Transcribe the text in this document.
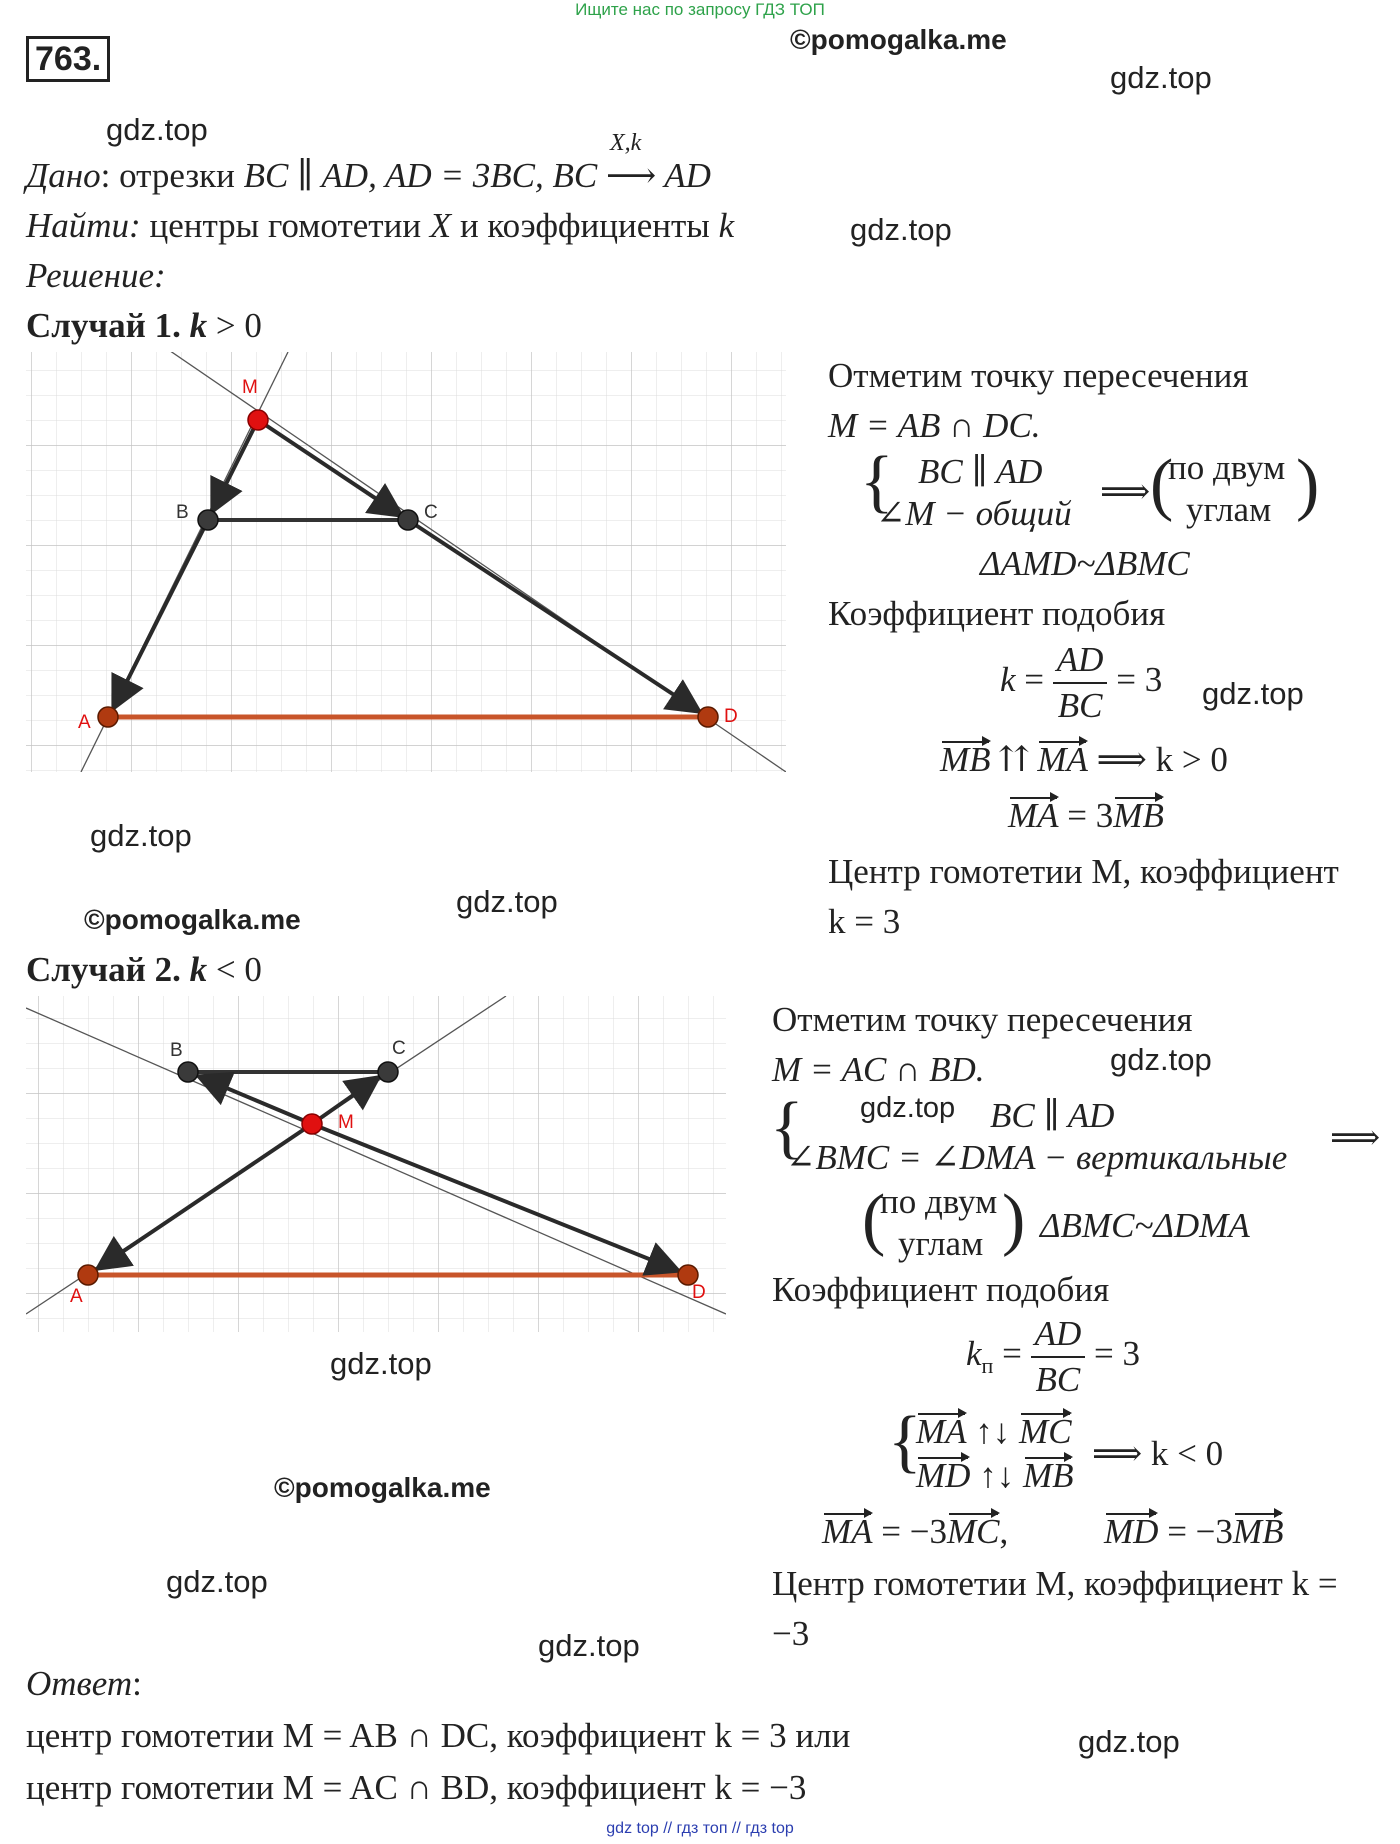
Ищите нас по запросу ГДЗ ТОП
763.
©pomogalka.me
gdz.top
gdz.top
gdz.top
Дано: отрезки BC ∥ AD, AD = 3BC, BC
X,k
⟶ AD
Найти: центры гомотетии X и коэффициенты k
Решение:
Случай 1. k > 0
M
B	C
A	D
Отметим точку пересечения
M = AB ∩ DC.
{ BC ∥ AD
∠M − общий
⟹ (
по двум
углам )
ΔAMD~ΔBMC
Коэффициент подобия
$k = \frac{AD}{BC} = 3$ gdz.top
MB ⇈ MA ⟹ k > 0
MA = 3MB
Центр гомотетии M, коэффициент
k = 3
gdz.top
gdz.top
©pomogalka.me
Случай 2. k < 0
B	C
M
A	D
Отметим точку пересечения
M = AC ∩ BD.	gdz.top
{ gdz.top BC ∥ AD
∠BMC = ∠DMA − вертикальные
⟹
(
по двум
углам ) ΔBMC~ΔDMA
Коэффициент подобия
$k_п = \frac{AD}{BC} = 3$
{
MA ↑↓ MC
MD ↑↓ MB
⟹ k < 0
MA = −3MC,	MD = −3MB
Центр гомотетии M, коэффициент k =
−3
gdz.top
©pomogalka.me
gdz.top
gdz.top
Ответ:
центр гомотетии M = AB ∩ DC, коэффициент k = 3 или
центр гомотетии M = AC ∩ BD, коэффициент k = −3
gdz.top
gdz top // гдз топ // гдз top
